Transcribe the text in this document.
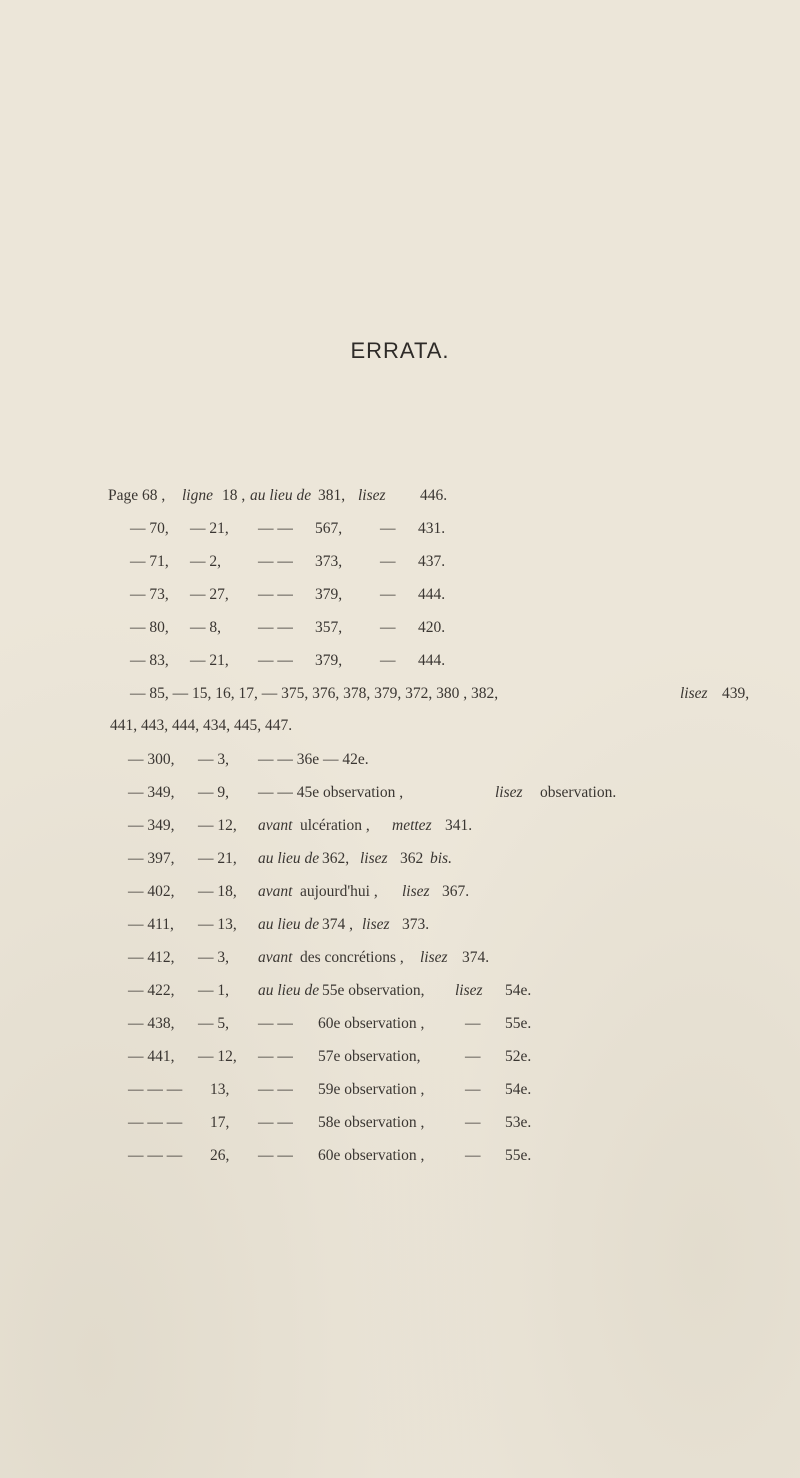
ERRATA.
Page 68 , ligne 18 , au lieu de 381, lisez 446.
— 70, — 21, — — 567, — 431.
— 71, — 2, — — 373, — 437.
— 73, — 27, — — 379, — 444.
— 80, — 8, — — 357, — 420.
— 83, — 21, — — 379, — 444.
— 85, — 15, 16, 17, — 375, 376, 378, 379, 372, 380 , 382,	lisez 439,
441, 443, 444, 434, 445, 447.
— 300, — 3, — — 36e — 42e.
— 349, — 9, — — 45e observation ,	lisez observation.
— 349, — 12, avant ulcération , mettez 341.
— 397, — 21, au lieu de 362, lisez 362 bis.
— 402, — 18, avant aujourd'hui , lisez 367.
— 411, — 13, au lieu de 374 , lisez 373.
— 412, — 3, avant des concrétions , lisez 374.
— 422, — 1, au lieu de 55e observation, lisez 54e.
— 438, — 5, — — 60e observation ,	— 55e.
— 441, — 12, — — 57e observation,	— 52e.
— — — 13, — — 59e observation ,	— 54e.
— — — 17, — — 58e observation ,	— 53e.
— — — 26, — — 60e observation ,	— 55e.
